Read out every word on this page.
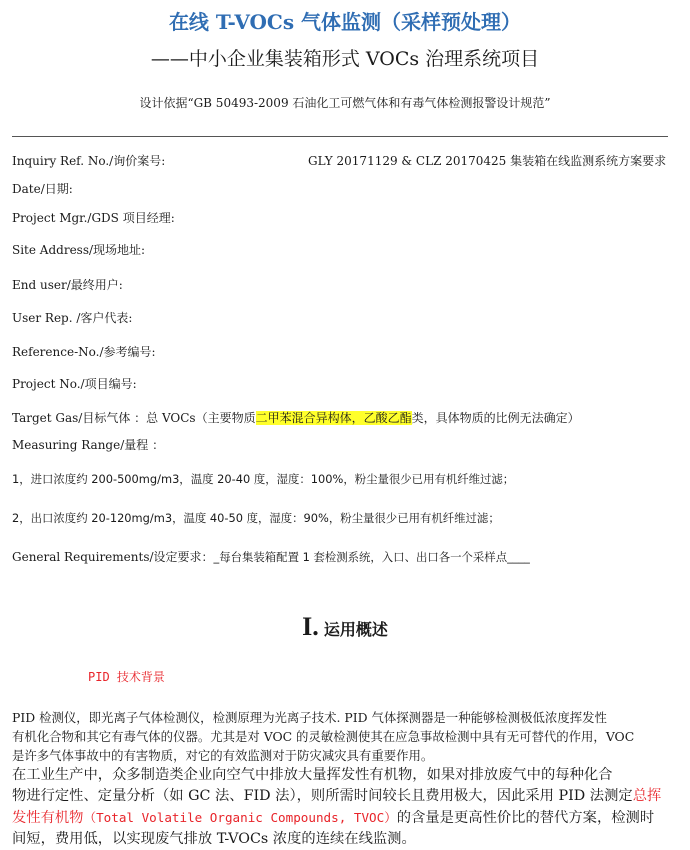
在线 T-VOCs 气体监测（采样预处理）
——中小企业集装箱形式 VOCs 治理系统项目
设计依据“GB 50493-2009 石油化工可燃气体和有毒气体检测报警设计规范”
Inquiry Ref. No./询价案号:	GLY 20171129 & CLZ 20170425 集装箱在线监测系统方案要求
Date/日期:
Project Mgr./GDS 项目经理:
Site Address/现场地址:
End user/最终用户:
User Rep. /客户代表:
Reference-No./参考编号:
Project No./项目编号:
Target Gas/目标气体 ：总 VOCs（主要物质二甲苯混合异构体，乙酸乙酯类，具体物质的比例无法确定）
Measuring Range/量程 ：
1，进口浓度约 200-500mg/m3，温度 20-40 度，湿度：100%，粉尘量很少已用有机纤维过滤；
2，出口浓度约 20-120mg/m3，温度 40-50 度，湿度：90%，粉尘量很少已用有机纤维过滤；
General Requirements/设定要求：_每台集装箱配置 1 套检测系统，入口、出口各一个采样点____
I. 运用概述
PID 技术背景
PID 检测仪，即光离子气体检测仪，检测原理为光离子技术. PID 气体探测器是一种能够检测极低浓度挥发性
有机化合物和其它有毒气体的仪器。尤其是对 VOC 的灵敏检测使其在应急事故检测中具有无可替代的作用，VOC
是许多气体事故中的有害物质，对它的有效监测对于防灾减灾具有重要作用。
在工业生产中，众多制造类企业向空气中排放大量挥发性有机物，如果对排放废气中的每种化合
物进行定性、定量分析（如 GC 法、FID 法），则所需时间较长且费用极大，因此采用 PID 法测定总挥
发性有机物（Total Volatile Organic Compounds, TVOC）的含量是更高性价比的替代方案，检测时
间短，费用低，以实现废气排放 T-VOCs 浓度的连续在线监测。
